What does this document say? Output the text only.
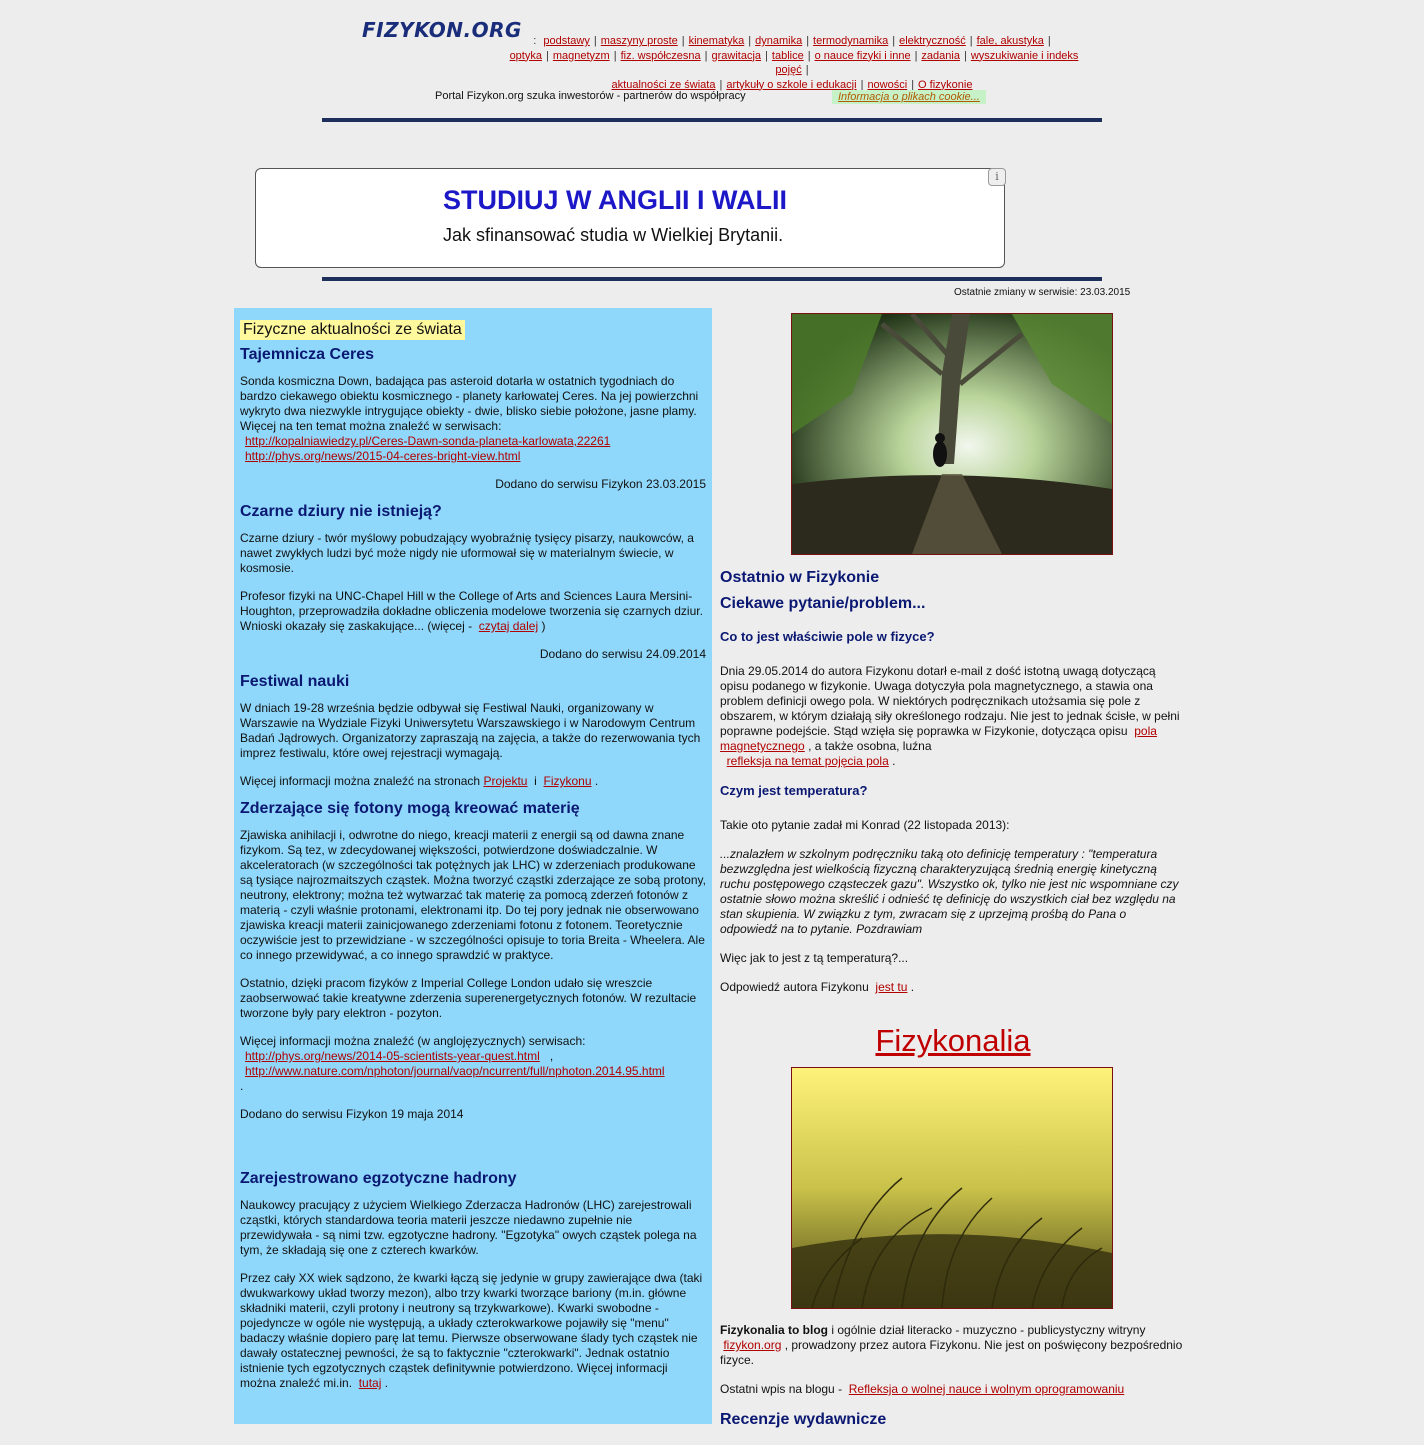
FIZYKON.ORG	: podstawy | maszyny proste | kinematyka | dynamika | termodynamika | elektryczność | fale, akustyka |
optyka | magnetyzm | fiz. współczesna | grawitacja | tablice | o nauce fizyki i inne | zadania | wyszukiwanie i indeks pojęć |
aktualności ze świata | artykuły o szkole i edukacji | nowości | O fizykonie
Portal Fizykon.org szuka inwestorów - partnerów do współpracy	Informacja o plikach cookie...
STUDIUJ W ANGLII I WALII
Jak sfinansować studia w Wielkiej Brytanii.
i
Ostatnie zmiany w serwisie: 23.03.2015
Fizyczne aktualności ze świata
Tajemnicza Ceres
Sonda kosmiczna Down, badająca pas asteroid dotarła w ostatnich tygodniach do bardzo ciekawego obiektu kosmicznego - planety karłowatej Ceres. Na jej powierzchni wykryto dwa niezwykle intrygujące obiekty - dwie, blisko siebie położone, jasne plamy. Więcej na ten temat można znaleźć w serwisach:
http://kopalniawiedzy.pl/Ceres-Dawn-sonda-planeta-karlowata,22261
http://phys.org/news/2015-04-ceres-bright-view.html
Dodano do serwisu Fizykon 23.03.2015
Czarne dziury nie istnieją?
Czarne dziury - twór myślowy pobudzający wyobraźnię tysięcy pisarzy, naukowców, a nawet zwykłych ludzi być może nigdy nie uformował się w materialnym świecie, w kosmosie.
Profesor fizyki na UNC-Chapel Hill w the College of Arts and Sciences Laura Mersini-Houghton, przeprowadziła dokładne obliczenia modelowe tworzenia się czarnych dziur. Wnioski okazały się zaskakujące... (więcej - czytaj dalej )
Dodano do serwisu 24.09.2014
Festiwal nauki
W dniach 19-28 września będzie odbywał się Festiwal Nauki, organizowany w Warszawie na Wydziale Fizyki Uniwersytetu Warszawskiego i w Narodowym Centrum Badań Jądrowych. Organizatorzy zapraszają na zajęcia, a także do rezerwowania tych imprez festiwalu, które owej rejestracji wymagają.
Więcej informacji można znaleźć na stronach Projektu i Fizykonu .
Zderzające się fotony mogą kreować materię
Zjawiska anihilacji i, odwrotne do niego, kreacji materii z energii są od dawna znane fizykom. Są tez, w zdecydowanej większości, potwierdzone doświadczalnie. W akceleratorach (w szczególności tak potężnych jak LHC) w zderzeniach produkowane są tysiące najrozmaitszych cząstek. Można tworzyć cząstki zderzające ze sobą protony, neutrony, elektrony; można też wytwarzać tak materię za pomocą zderzeń fotonów z materią - czyli właśnie protonami, elektronami itp. Do tej pory jednak nie obserwowano zjawiska kreacji materii zainicjowanego zderzeniami fotonu z fotonem. Teoretycznie oczywiście jest to przewidziane - w szczególności opisuje to toria Breita - Wheelera. Ale co innego przewidywać, a co innego sprawdzić w praktyce.
Ostatnio, dzięki pracom fizyków z Imperial College London udało się wreszcie zaobserwować takie kreatywne zderzenia superenergetycznych fotonów. W rezultacie tworzone były pary elektron - pozyton.
Więcej informacji można znaleźć (w anglojęzycznych) serwisach:
http://phys.org/news/2014-05-scientists-year-quest.html ,
http://www.nature.com/nphoton/journal/vaop/ncurrent/full/nphoton.2014.95.html
.
Dodano do serwisu Fizykon 19 maja 2014
Zarejestrowano egzotyczne hadrony
Naukowcy pracujący z użyciem Wielkiego Zderzacza Hadronów (LHC) zarejestrowali cząstki, których standardowa teoria materii jeszcze niedawno zupełnie nie przewidywała - są nimi tzw. egzotyczne hadrony. "Egzotyka" owych cząstek polega na tym, że składają się one z czterech kwarków.
Przez cały XX wiek sądzono, że kwarki łączą się jedynie w grupy zawierające dwa (taki dwukwarkowy układ tworzy mezon), albo trzy kwarki tworzące bariony (m.in. główne składniki materii, czyli protony i neutrony są trzykwarkowe). Kwarki swobodne - pojedyncze w ogóle nie występują, a układy czterokwarkowe pojawiły się "menu" badaczy właśnie dopiero parę lat temu. Pierwsze obserwowane ślady tych cząstek nie dawały ostatecznej pewności, że są to faktycznie "czterokwarki". Jednak ostatnio istnienie tych egzotycznych cząstek definitywnie potwierdzono. Więcej informacji można znaleźć mi.in. tutaj .
Ostatnio w Fizykonie
Ciekawe pytanie/problem...
Co to jest właściwie pole w fizyce?
Dnia 29.05.2014 do autora Fizykonu dotarł e-mail z dość istotną uwagą dotyczącą opisu podanego w fizykonie. Uwaga dotyczyła pola magnetycznego, a stawia ona problem definicji owego pola. W niektórych podręcznikach utożsamia się pole z obszarem, w którym działają siły określonego rodzaju. Nie jest to jednak ścisłe, w pełni poprawne podejście. Stąd wzięła się poprawka w Fizykonie, dotycząca opisu pola magnetycznego , a także osobna, luźna
refleksja na temat pojęcia pola .
Czym jest temperatura?
Takie oto pytanie zadał mi Konrad (22 listopada 2013):
...znalazłem w szkolnym podręczniku taką oto definicję temperatury : "temperatura bezwzględna jest wielkością fizyczną charakteryzującą średnią energię kinetyczną ruchu postępowego cząsteczek gazu". Wszystko ok, tylko nie jest nic wspomniane czy ostatnie słowo można skreślić i odnieść tę definicję do wszystkich ciał bez względu na stan skupienia. W związku z tym, zwracam się z uprzejmą prośbą do Pana o odpowiedź na to pytanie. Pozdrawiam
Więc jak to jest z tą temperaturą?...
Odpowiedź autora Fizykonu jest tu .
Fizykonalia
Fizykonalia to blog i ogólnie dział literacko - muzyczno - publicystyczny witryny  fizykon.org , prowadzony przez autora Fizykonu. Nie jest on poświęcony bezpośrednio fizyce.
Ostatni wpis na blogu - Refleksja o wolnej nauce i wolnym oprogramowaniu
Recenzje wydawnicze
